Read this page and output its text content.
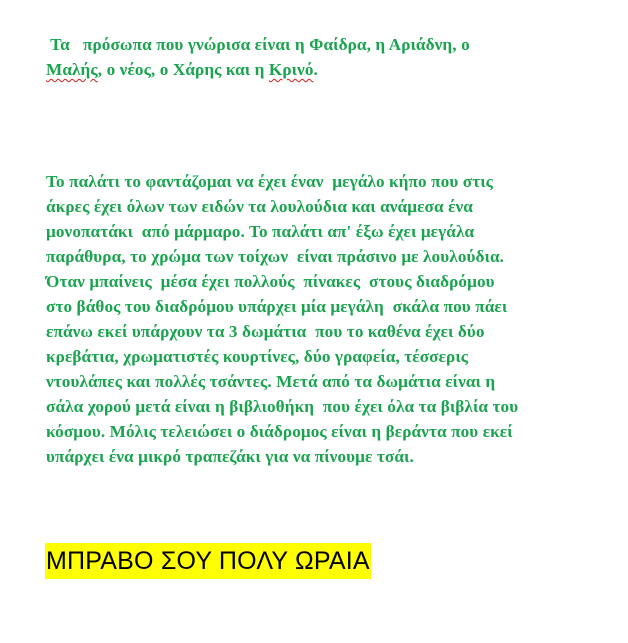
Τα   πρόσωπα που γνώρισα είναι η Φαίδρα, η Αριάδνη, ο
Μαλής, ο νέος, ο Χάρης και η Κρινό.
Το παλάτι το φαντάζομαι να έχει έναν  μεγάλο κήπο που στις
άκρες έχει όλων των ειδών τα λουλούδια και ανάμεσα ένα
μονοπατάκι  από μάρμαρο. Το παλάτι απ' έξω έχει μεγάλα
παράθυρα, το χρώμα των τοίχων  είναι πράσινο με λουλούδια.
Όταν μπαίνεις  μέσα έχει πολλούς  πίνακες  στους διαδρόμου
στο βάθος του διαδρόμου υπάρχει μία μεγάλη  σκάλα που πάει
επάνω εκεί υπάρχουν τα 3 δωμάτια  που το καθένα έχει δύο
κρεβάτια, χρωματιστές κουρτίνες, δύο γραφεία, τέσσερις
ντουλάπες και πολλές τσάντες. Μετά από τα δωμάτια είναι η
σάλα χορού μετά είναι η βιβλιοθήκη  που έχει όλα τα βιβλία του
κόσμου. Μόλις τελειώσει ο διάδρομος είναι η βεράντα που εκεί
υπάρχει ένα μικρό τραπεζάκι για να πίνουμε τσάι.
ΜΠΡΑΒΟ ΣΟΥ ΠΟΛΥ ΩΡΑΙΑ
